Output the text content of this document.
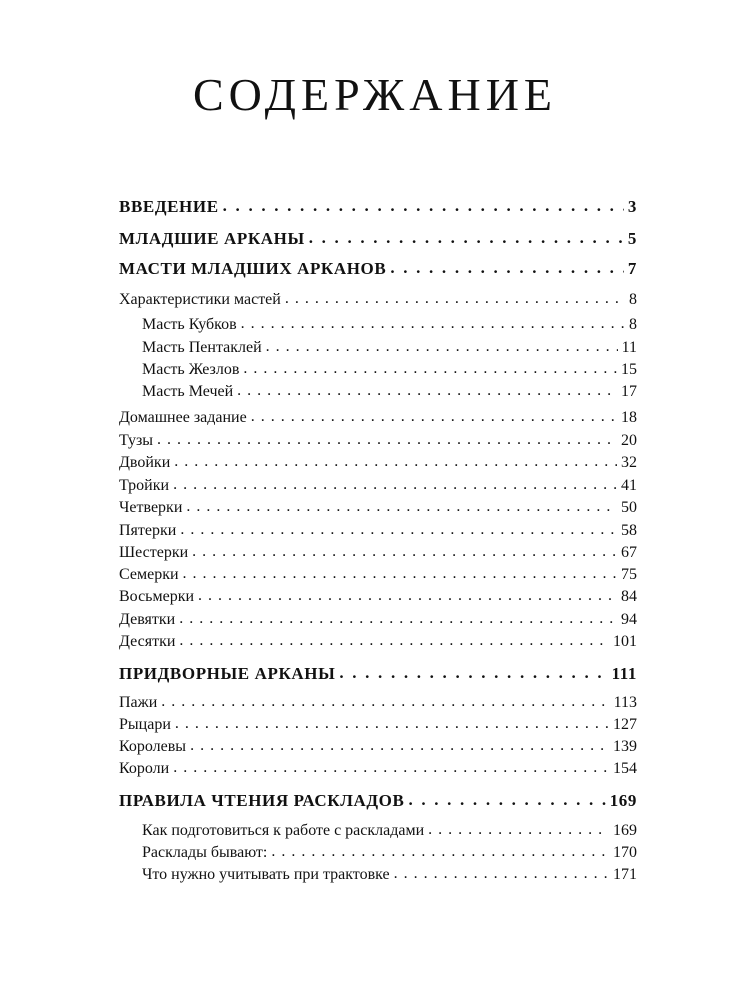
СОДЕРЖАНИЕ
ВВЕДЕНИЕ . . .	3
МЛАДШИЕ АРКАНЫ . . .	5
МАСТИ МЛАДШИХ АРКАНОВ . . .	7
Характеристики мастей . . .	8
Масть Кубков . . .	8
Масть Пентаклей . . .	11
Масть Жезлов . . .	15
Масть Мечей . . .	17
Домашнее задание . . .	18
Тузы . . .	20
Двойки . . .	32
Тройки . . .	41
Четверки . . .	50
Пятерки . . .	58
Шестерки . . .	67
Семерки . . .	75
Восьмерки . . .	84
Девятки . . .	94
Десятки . . .	101
ПРИДВОРНЫЕ АРКАНЫ . . .	111
Пажи . . .	113
Рыцари . . .	127
Королевы . . .	139
Короли . . .	154
ПРАВИЛА ЧТЕНИЯ РАСКЛАДОВ . . .	169
Как подготовиться к работе с раскладами . . .	169
Расклады бывают: . . .	170
Что нужно учитывать при трактовке . . .	171
